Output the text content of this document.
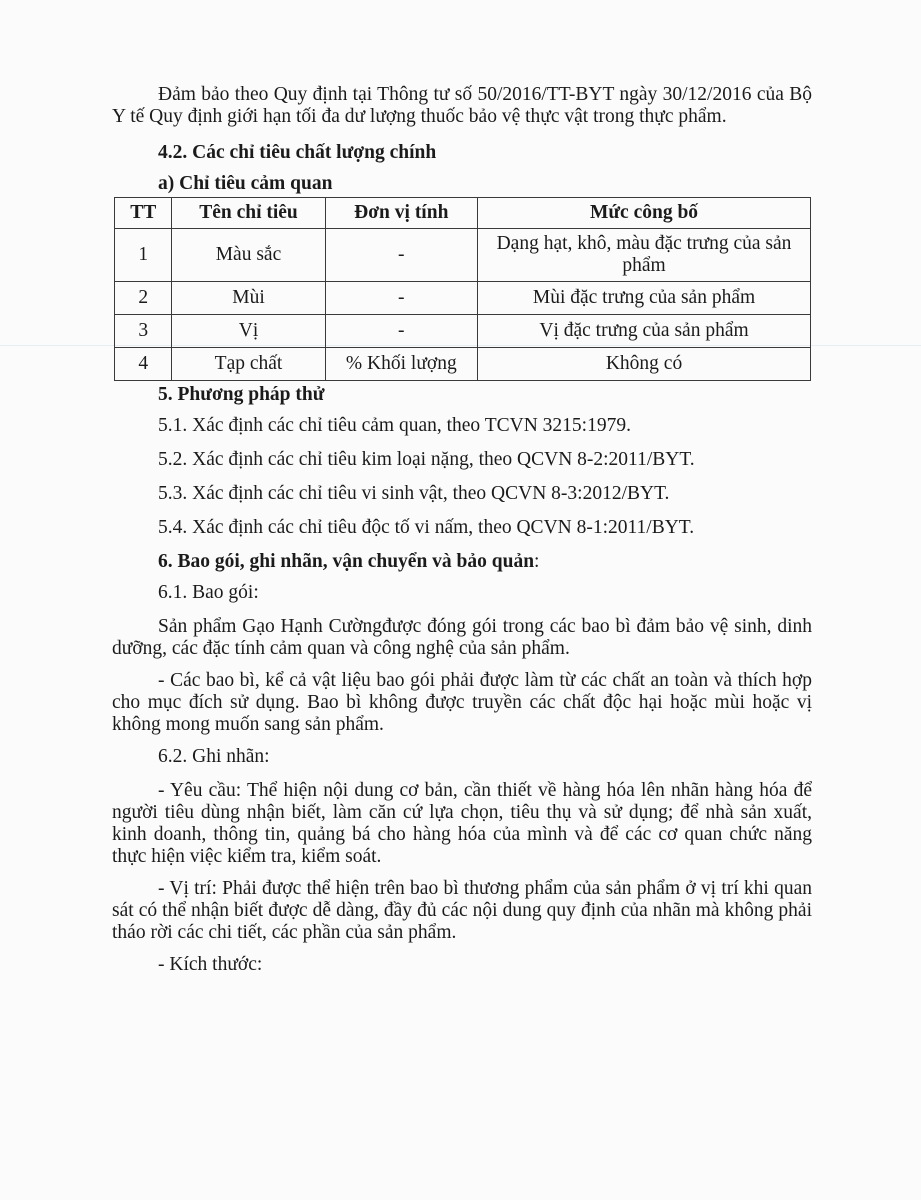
Đảm bảo theo Quy định tại Thông tư số 50/2016/TT-BYT ngày 30/12/2016 của Bộ Y tế Quy định giới hạn tối đa dư lượng thuốc bảo vệ thực vật trong thực phẩm.

4.2. Các chỉ tiêu chất lượng chính

a) Chỉ tiêu cảm quan

TT	Tên chỉ tiêu	Đơn vị tính	Mức công bố
1	Màu sắc	-	Dạng hạt, khô, màu đặc trưng của sản phẩm
2	Mùi	-	Mùi đặc trưng của sản phẩm
3	Vị	-	Vị đặc trưng của sản phẩm
4	Tạp chất	% Khối lượng	Không có

5. Phương pháp thử

5.1. Xác định các chỉ tiêu cảm quan, theo TCVN 3215:1979.

5.2. Xác định các chỉ tiêu kim loại nặng, theo QCVN 8-2:2011/BYT.

5.3. Xác định các chỉ tiêu vi sinh vật, theo QCVN 8-3:2012/BYT.

5.4. Xác định các chỉ tiêu độc tố vi nấm, theo QCVN 8-1:2011/BYT.

6. Bao gói, ghi nhãn, vận chuyển và bảo quản:

6.1. Bao gói:

Sản phẩm Gạo Hạnh Cườngđược đóng gói trong các bao bì đảm bảo vệ sinh, dinh dưỡng, các đặc tính cảm quan và công nghệ của sản phẩm.

- Các bao bì, kể cả vật liệu bao gói phải được làm từ các chất an toàn và thích hợp cho mục đích sử dụng. Bao bì không được truyền các chất độc hại hoặc mùi hoặc vị không mong muốn sang sản phẩm.

6.2. Ghi nhãn:

- Yêu cầu: Thể hiện nội dung cơ bản, cần thiết về hàng hóa lên nhãn hàng hóa để người tiêu dùng nhận biết, làm căn cứ lựa chọn, tiêu thụ và sử dụng; để nhà sản xuất, kinh doanh, thông tin, quảng bá cho hàng hóa của mình và để các cơ quan chức năng thực hiện việc kiểm tra, kiểm soát.

- Vị trí: Phải được thể hiện trên bao bì thương phẩm của sản phẩm ở vị trí khi quan sát có thể nhận biết được dễ dàng, đầy đủ các nội dung quy định của nhãn mà không phải tháo rời các chi tiết, các phần của sản phẩm.

- Kích thước:
